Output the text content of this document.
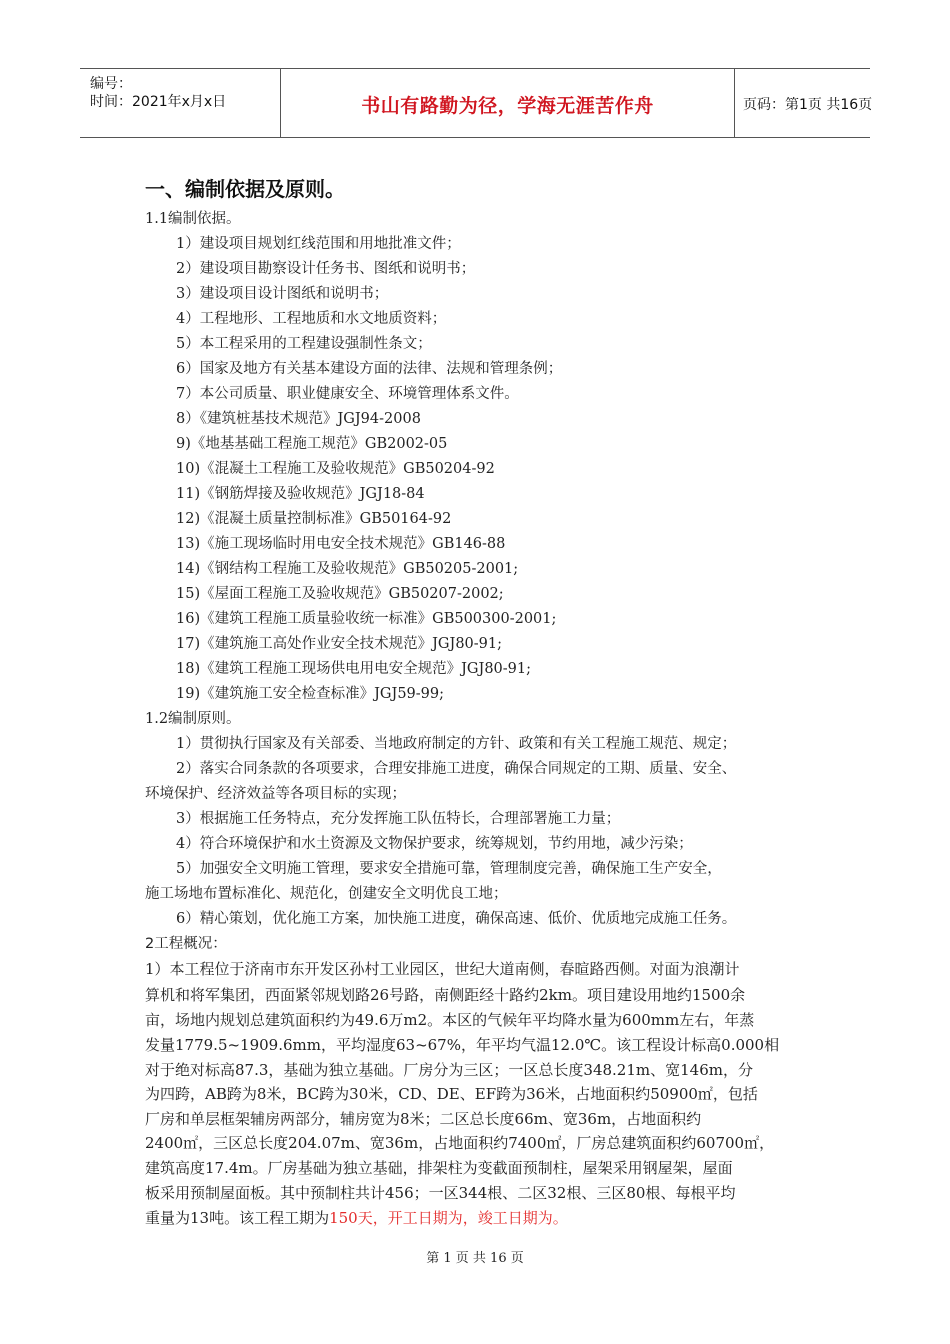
编号：
时间：2021年x月x日	书山有路勤为径，学海无涯苦作舟	页码：第1页 共16页
一、编制依据及原则。
1.1编制依据。
1）建设项目规划红线范围和用地批准文件；
2）建设项目勘察设计任务书、图纸和说明书；
3）建设项目设计图纸和说明书；
4）工程地形、工程地质和水文地质资料；
5）本工程采用的工程建设强制性条文；
6）国家及地方有关基本建设方面的法律、法规和管理条例；
7）本公司质量、职业健康安全、环境管理体系文件。
8）《建筑桩基技术规范》JGJ94-2008
9)《地基基础工程施工规范》GB2002-05
10)《混凝土工程施工及验收规范》GB50204-92
11)《钢筋焊接及验收规范》JGJ18-84
12)《混凝土质量控制标准》GB50164-92
13)《施工现场临时用电安全技术规范》GB146-88
14)《钢结构工程施工及验收规范》GB50205-2001;
15)《屋面工程施工及验收规范》GB50207-2002;
16)《建筑工程施工质量验收统一标准》GB500300-2001;
17)《建筑施工高处作业安全技术规范》JGJ80-91;
18)《建筑工程施工现场供电用电安全规范》JGJ80-91;
19)《建筑施工安全检查标准》JGJ59-99;
1.2编制原则。
1）贯彻执行国家及有关部委、当地政府制定的方针、政策和有关工程施工规范、规定；
2）落实合同条款的各项要求，合理安排施工进度，确保合同规定的工期、质量、安全、
环境保护、经济效益等各项目标的实现；
3）根据施工任务特点，充分发挥施工队伍特长，合理部署施工力量；
4）符合环境保护和水土资源及文物保护要求，统筹规划，节约用地，减少污染；
5）加强安全文明施工管理，要求安全措施可靠，管理制度完善，确保施工生产安全，
施工场地布置标准化、规范化，创建安全文明优良工地；
6）精心策划，优化施工方案，加快施工进度，确保高速、低价、优质地完成施工任务。
2工程概况：
1）本工程位于济南市东开发区孙村工业园区，世纪大道南侧，春暄路西侧。对面为浪潮计
算机和将军集团，西面紧邻规划路26号路，南侧距经十路约2km。项目建设用地约1500余
亩，场地内规划总建筑面积约为49.6万m2。本区的气候年平均降水量为600mm左右，年蒸
发量1779.5~1909.6mm，平均湿度63~67%，年平均气温12.0℃。该工程设计标高0.000相
对于绝对标高87.3，基础为独立基础。厂房分为三区；一区总长度348.21m、宽146m，分
为四跨，AB跨为8米，BC跨为30米，CD、DE、EF跨为36米，占地面积约50900㎡，包括
厂房和单层框架辅房两部分，辅房宽为8米；二区总长度66m、宽36m，占地面积约
2400㎡，三区总长度204.07m、宽36m，占地面积约7400㎡，厂房总建筑面积约60700㎡，
建筑高度17.4m。厂房基础为独立基础，排架柱为变截面预制柱，屋架采用钢屋架，屋面
板采用预制屋面板。其中预制柱共计456；一区344根、二区32根、三区80根、每根平均
重量为13吨。该工程工期为150天，开工日期为，竣工日期为。
第 1 页 共 16 页
